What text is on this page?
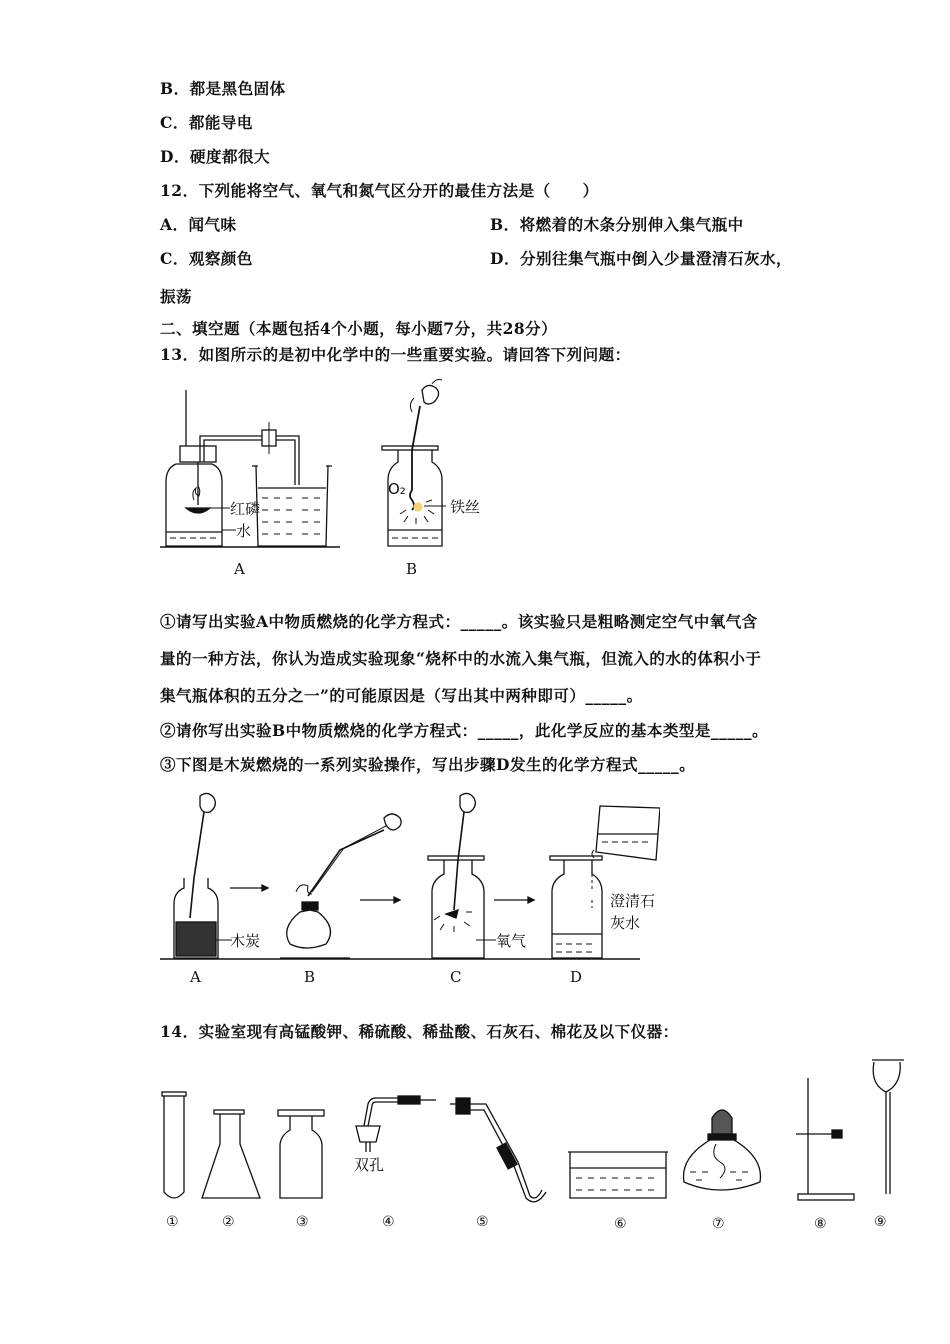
B．都是黑色固体
C．都能导电
D．硬度都很大
12．下列能将空气、氧气和氮气区分开的最佳方法是（　　）
A．闻气味	B．将燃着的木条分别伸入集气瓶中
C．观察颜色	D．分别往集气瓶中倒入少量澄清石灰水，
振荡
二、填空题（本题包括4个小题，每小题7分，共28分）
13．如图所示的是初中化学中的一些重要实验。请回答下列问题：
红磷
水
A
O₂
铁丝
B
①请写出实验A中物质燃烧的化学方程式：_____。该实验只是粗略测定空气中氧气含
量的一种方法，你认为造成实验现象“烧杯中的水流入集气瓶，但流入的水的体积小于
集气瓶体积的五分之一”的可能原因是（写出其中两种即可）_____。
②请你写出实验B中物质燃烧的化学方程式：_____，此化学反应的基本类型是_____。
③下图是木炭燃烧的一系列实验操作，写出步骤D发生的化学方程式_____。
木炭	氧气
澄清石
灰水
A	B	C	D
14．实验室现有高锰酸钾、稀硫酸、稀盐酸、石灰石、棉花及以下仪器：
双孔
①	②	③	④	⑤	⑥	⑦	⑧	⑨
